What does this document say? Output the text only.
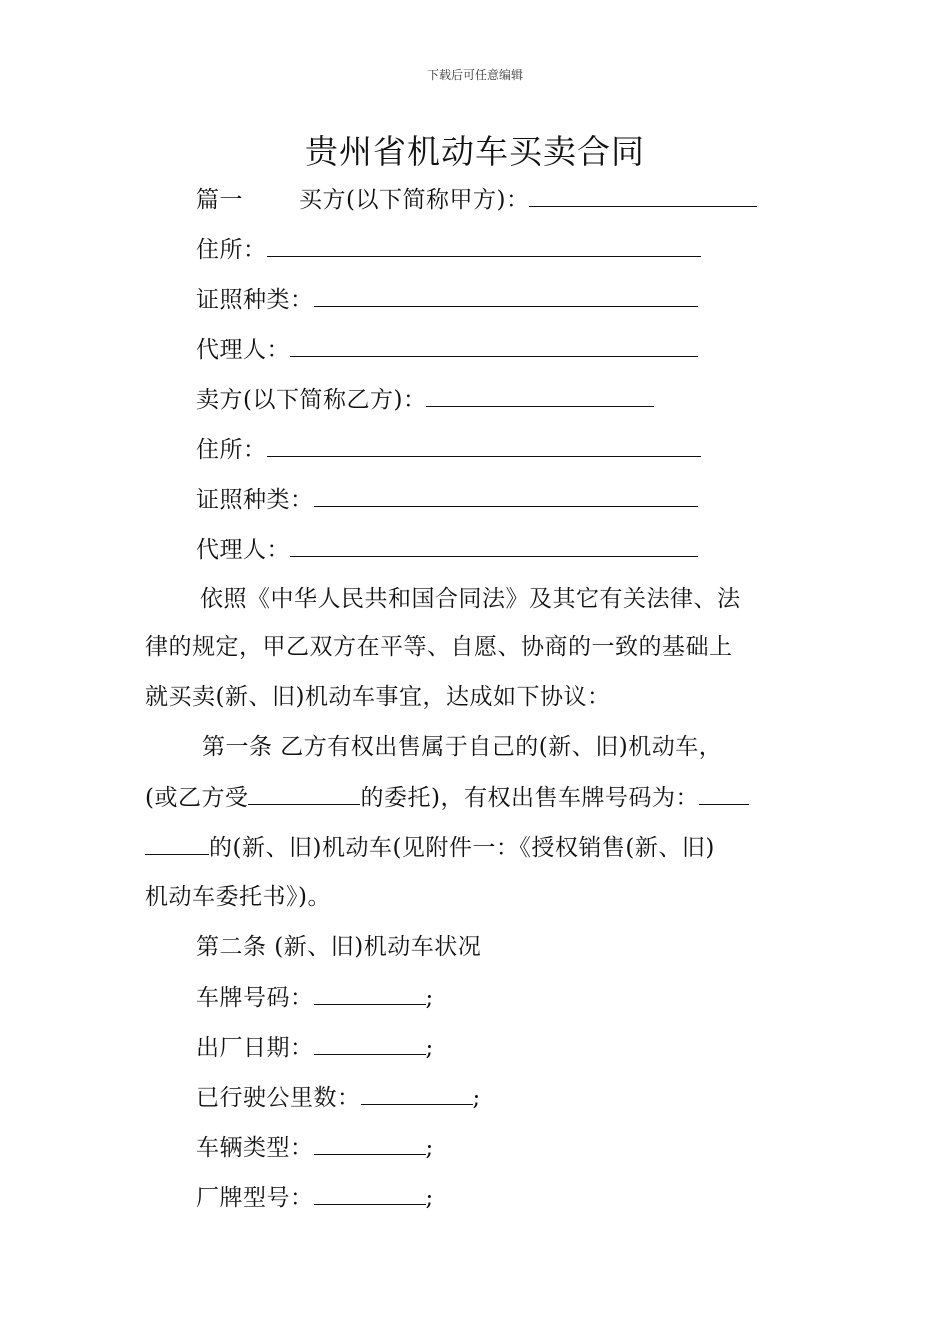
下载后可任意编辑
贵州省机动车买卖合同
篇一 买方(以下简称甲方)：
住所：
证照种类：
代理人：
卖方(以下简称乙方)：
住所：
证照种类：
代理人：
依照《中华人民共和国合同法》及其它有关法律、法
律的规定，甲乙双方在平等、自愿、协商的一致的基础上
就买卖(新、旧)机动车事宜，达成如下协议：
第一条 乙方有权出售属于自己的(新、旧)机动车，
(或乙方受	的委托)，有权出售车牌号码为：
的(新、旧)机动车(见附件一：《授权销售(新、旧)
机动车委托书》)。
第二条 (新、旧)机动车状况
车牌号码：	;
出厂日期：	;
已行驶公里数：	;
车辆类型：	;
厂牌型号：	;
